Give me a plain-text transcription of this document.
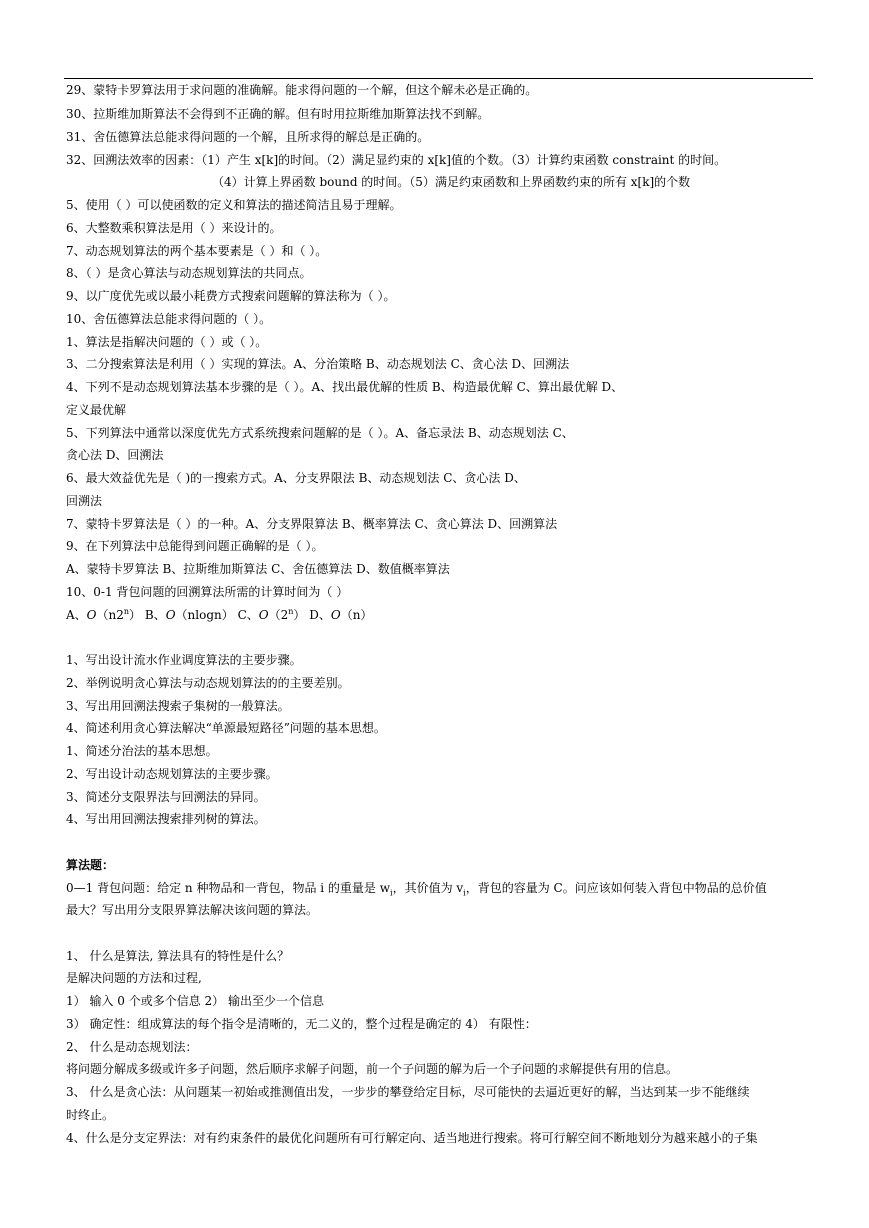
29、蒙特卡罗算法用于求问题的准确解。能求得问题的一个解，但这个解未必是正确的。
30、拉斯维加斯算法不会得到不正确的解。但有时用拉斯维加斯算法找不到解。
31、舍伍德算法总能求得问题的一个解，且所求得的解总是正确的。
32、回溯法效率的因素：（1）产生 x[k]的时间。（2）满足显约束的 x[k]值的个数。（3）计算约束函数 constraint 的时间。
（4）计算上界函数 bound 的时间。（5）满足约束函数和上界函数约束的所有 x[k]的个数
5、使用（ ）可以使函数的定义和算法的描述简洁且易于理解。
6、大整数乘积算法是用（ ）来设计的。
7、动态规划算法的两个基本要素是（ ）和（ ）。
8、（ ）是贪心算法与动态规划算法的共同点。
9、以广度优先或以最小耗费方式搜索问题解的算法称为（ ）。
10、舍伍德算法总能求得问题的（ ）。
1、算法是指解决问题的（ ）或（ ）。
3、二分搜索算法是利用（ ）实现的算法。A、分治策略 B、动态规划法 C、贪心法 D、回溯法
4、下列不是动态规划算法基本步骤的是（ ）。A、找出最优解的性质 B、构造最优解 C、算出最优解 D、
定义最优解
5、下列算法中通常以深度优先方式系统搜索问题解的是（ ）。A、备忘录法 B、动态规划法 C、
贪心法 D、回溯法
6、最大效益优先是（ )的一搜索方式。A、分支界限法 B、动态规划法 C、贪心法 D、
回溯法
7、蒙特卡罗算法是（ ）的一种。A、分支界限算法 B、概率算法 C、贪心算法 D、回溯算法
9、在下列算法中总能得到问题正确解的是（ ）。
A、蒙特卡罗算法 B、拉斯维加斯算法 C、舍伍德算法 D、数值概率算法
10、0-1 背包问题的回溯算法所需的计算时间为（ ）
A、O（n2$^n$） B、O（nlogn） C、O（2$^n$） D、O（n）
1、写出设计流水作业调度算法的主要步骤。
2、举例说明贪心算法与动态规划算法的的主要差别。
3、写出用回溯法搜索子集树的一般算法。
4、简述利用贪心算法解决“单源最短路径”问题的基本思想。
1、简述分治法的基本思想。
2、写出设计动态规划算法的主要步骤。
3、简述分支限界法与回溯法的异同。
4、写出用回溯法搜索排列树的算法。
算法题：
0—1 背包问题：给定 n 种物品和一背包，物品 i 的重量是 $w_i$，其价值为 $v_i$，背包的容量为 C。问应该如何装入背包中物品的总价值
最大？写出用分支限界算法解决该问题的算法。
1、 什么是算法, 算法具有的特性是什么？
是解决问题的方法和过程,
1） 输入 0 个或多个信息 2） 输出至少一个信息
3） 确定性：组成算法的每个指令是清晰的，无二义的，整个过程是确定的 4） 有限性：
2、 什么是动态规划法：
将问题分解成多级或许多子问题，然后顺序求解子问题，前一个子问题的解为后一个子问题的求解提供有用的信息。
3、 什么是贪心法：从问题某一初始或推测值出发，一步步的攀登给定目标，尽可能快的去逼近更好的解，当达到某一步不能继续
时终止。
4、什么是分支定界法：对有约束条件的最优化问题所有可行解定向、适当地进行搜索。将可行解空间不断地划分为越来越小的子集
